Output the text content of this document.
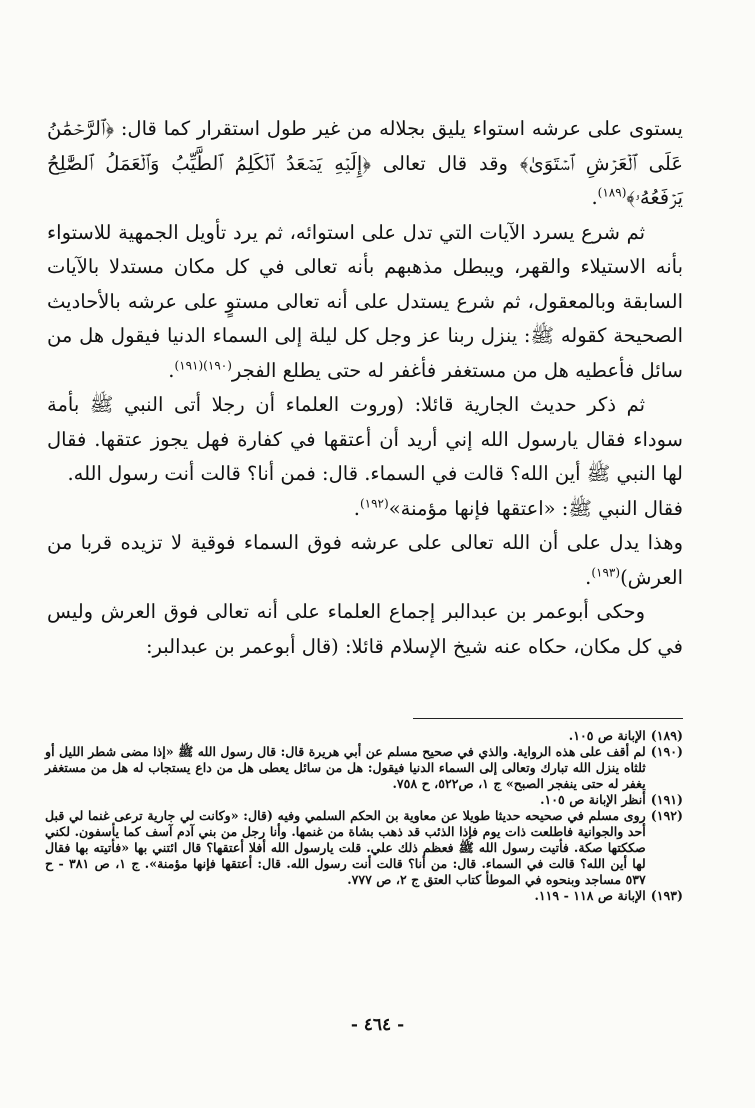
يستوى على عرشه استواء يليق بجلاله من غير طول استقرار كما قال: ﴿ٱلرَّحۡمَٰنُ عَلَى ٱلۡعَرۡشِ ٱسۡتَوَىٰ﴾ وقد قال تعالى ﴿إِلَيۡهِ يَصۡعَدُ ٱلۡكَلِمُ ٱلطَّيِّبُ وَٱلۡعَمَلُ ٱلصَّٰلِحُ يَرۡفَعُهُۥ﴾$^{(١٨٩)}$.

ثم شرع يسرد الآيات التي تدل على استوائه، ثم يرد تأويل الجمهية للاستواء بأنه الاستيلاء والقهر، ويبطل مذهبهم بأنه تعالى في كل مكان مستدلا بالآيات السابقة وبالمعقول، ثم شرع يستدل على أنه تعالى مستوٍ على عرشه بالأحاديث الصحيحة كقوله ﷺ: ينزل ربنا عز وجل كل ليلة إلى السماء الدنيا فيقول هل من سائل فأعطيه هل من مستغفر فأغفر له حتى يطلع الفجر$^{(١٩٠)(١٩١)}$.

ثم ذكر حديث الجارية قائلا: (وروت العلماء أن رجلا أتى النبي ﷺ بأمة سوداء فقال يارسول الله إني أريد أن أعتقها في كفارة فهل يجوز عتقها. فقال لها النبي ﷺ أين الله؟ قالت في السماء. قال: فمن أنا؟ قالت أنت رسول الله.

فقال النبي ﷺ: «اعتقها فإنها مؤمنة»$^{(١٩٢)}$.

وهذا يدل على أن الله تعالى على عرشه فوق السماء فوقية لا تزيده قربا من العرش)$^{(١٩٣)}$.

وحكى أبوعمر بن عبدالبر إجماع العلماء على أنه تعالى فوق العرش وليس في كل مكان، حكاه عنه شيخ الإسلام قائلا: (قال أبوعمر بن عبدالبر:

(١٨٩)
الإبانة ص ١٠٥.
(١٩٠)
لم أقف على هذه الرواية. والذي في صحيح مسلم عن أبي هريرة قال: قال رسول الله ﷺ «إذا مضى شطر الليل أو ثلثاه ينزل الله تبارك وتعالى إلى السماء الدنيا فيقول: هل من سائل يعطى هل من داع يستجاب له هل من مستغفر يغفر له حتى ينفجر الصبح» ج ١، ص٥٢٢، ح ٧٥٨.
(١٩١)
أنظر الإبانة ص ١٠٥.
(١٩٢)
روى مسلم في صحيحه حديثا طويلا عن معاوية بن الحكم السلمي وفيه (قال: «وكانت لي جارية ترعى غنما لي قبل أحد والجوانية فاطلعت ذات يوم فإذا الذئب قد ذهب بشاة من غنمها. وأنا رجل من بني آدم آسف كما يأسفون. لكني صككتها صكة. فأتيت رسول الله ﷺ فعظم ذلك علي. قلت يارسول الله أفلا أعتقها؟ قال ائتني بها «فأتيته بها فقال لها أين الله؟ قالت في السماء. قال: من أنا؟ قالت أنت رسول الله. قال: أعتقها فإنها مؤمنة». ج ١، ص ٣٨١ - ح ٥٣٧ مساجد وبنحوه في الموطأ كتاب العتق ج ٢، ص ٧٧٧.
(١٩٣)
الإبانة ص ١١٨ - ١١٩.
- ٤٦٤ -
